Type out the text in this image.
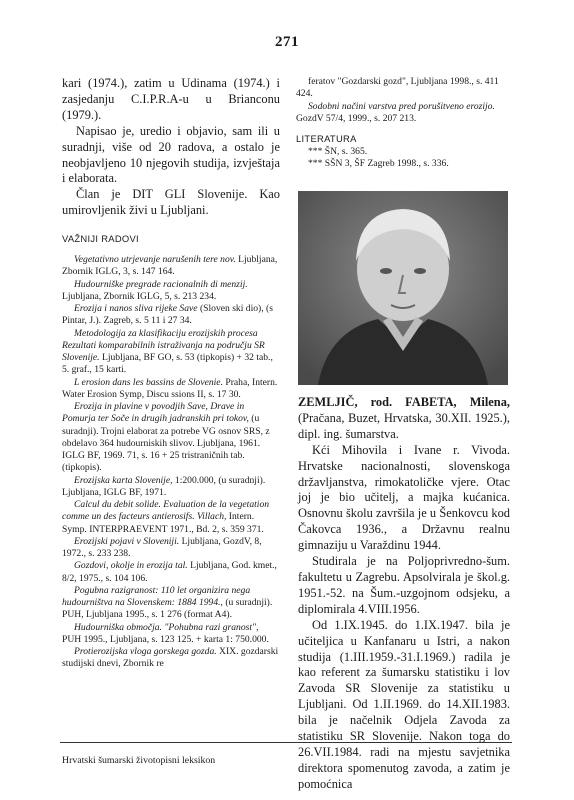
271

kari (1974.), zatim u Udinama (1974.) i zasjedanju C.I.P.R.A-u u Brianconu (1979.).

Napisao je, uredio i objavio, sam ili u suradnji, više od 20 radova, a ostalo je neobjavljeno 10 njegovih studija, izvještaja i elaborata.

Član je DIT GLI Slovenije. Kao umirovljenik živi u Ljubljani.

VAŽNIJI RADOVI

Vegetativno utrjevanje narušenih tere nov. Ljubljana, Zbornik IGLG, 3, s. 147 164.

Hudourniške pregrade racionalnih di menzij. Ljubljana, Zbornik IGLG, 5, s. 213 234.

Erozija i nanos sliva rijeke Save (Sloven ski dio), (s Pintar, J.). Zagreb, s. 5 11 i 27 34.

Metodologija za klasifikaciju erozijskih procesa Rezultati komparabilnih istraživanja na području SR Slovenije. Ljubljana, BF GO, s. 53 (tipkopis) + 32 tab., 5. graf., 15 karti.

L erosion dans les bassins de Slovenie. Praha, Intern. Water Erosion Symp, Discu ssions II, s. 17 30.

Erozija in plavine v povodjih Save, Drave in Pomurja ter Soče in drugih jadranskih pri tokov, (u suradnji). Trojni elaborat za potrebe VG osnov SRS, z obdelavo 364 hudourniskih slivov. Ljubljana, 1961. IGLG BF, 1969. 71, s. 16 + 25 tristraničnih tab. (tipkopis).

Erozijska karta Slovenije, 1:200.000, (u suradnji). Ljubljana, IGLG BF, 1971.

Calcul du debit solide. Evaluation de la vegetation comme un des facteurs antierosifs. Villach, Intern. Symp. INTERPRAEVENT 1971., Bd. 2, s. 359 371.

Erozijski pojavi v Sloveniji. Ljubljana, GozdV, 8, 1972., s. 233 238.

Gozdovi, okolje in erozija tal. Ljubljana, God. kmet., 8/2, 1975., s. 104 106.

Pogubna razigranost: 110 let organizira nega hudourništva na Slovenskem: 1884 1994., (u suradnji). PUH, Ljubljana 1995., s. 1 276 (format A4).

Hudourniška območja. "Pohubna razi granost", PUH 1995., Ljubljana, s. 123 125. + karta 1: 750.000.

Protierozijska vloga gorskega gozda. XIX. gozdarski studijski dnevi, Zbornik re

feratov "Gozdarski gozd", Ljubljana 1998., s. 411 424.

Sodobni načini varstva pred porušitveno erozijo. GozdV 57/4, 1999., s. 207 213.

LITERATURA

*** ŠN, s. 365.

*** SŠN 3, ŠF Zagreb 1998., s. 336.

ZEMLJIČ, rod. FABETA, Milena, (Pračana, Buzet, Hrvatska, 30.XII. 1925.), dipl. ing. šumarstva.

Kći Mihovila i Ivane r. Vivoda. Hrvatske nacionalnosti, slovenskoga državljanstva, rimokatoličke vjere. Otac joj je bio učitelj, a majka kućanica. Osnovnu školu završila je u Šenkovcu kod Čakovca 1936., a Državnu realnu gimnaziju u Varaždinu 1944.

Studirala je na Poljoprivredno-šum. fakultetu u Zagrebu. Apsolvirala je škol.g. 1951.-52. na Šum.-uzgojnom odsjeku, a diplomirala 4.VIII.1956.

Od 1.IX.1945. do 1.IX.1947. bila je učiteljica u Kanfanaru u Istri, a nakon studija (1.III.1959.-31.I.1969.) radila je kao referent za šumarsku statistiku i lov Zavoda SR Slovenije za statistiku u Ljubljani. Od 1.II.1969. do 14.XII.1983. bila je načelnik Odjela Zavoda za statistiku SR Slovenije. Nakon toga do 26.VII.1984. radi na mjestu savjetnika direktora spomenutog zavoda, a zatim je pomoćnica

Hrvatski šumarski životopisni leksikon
